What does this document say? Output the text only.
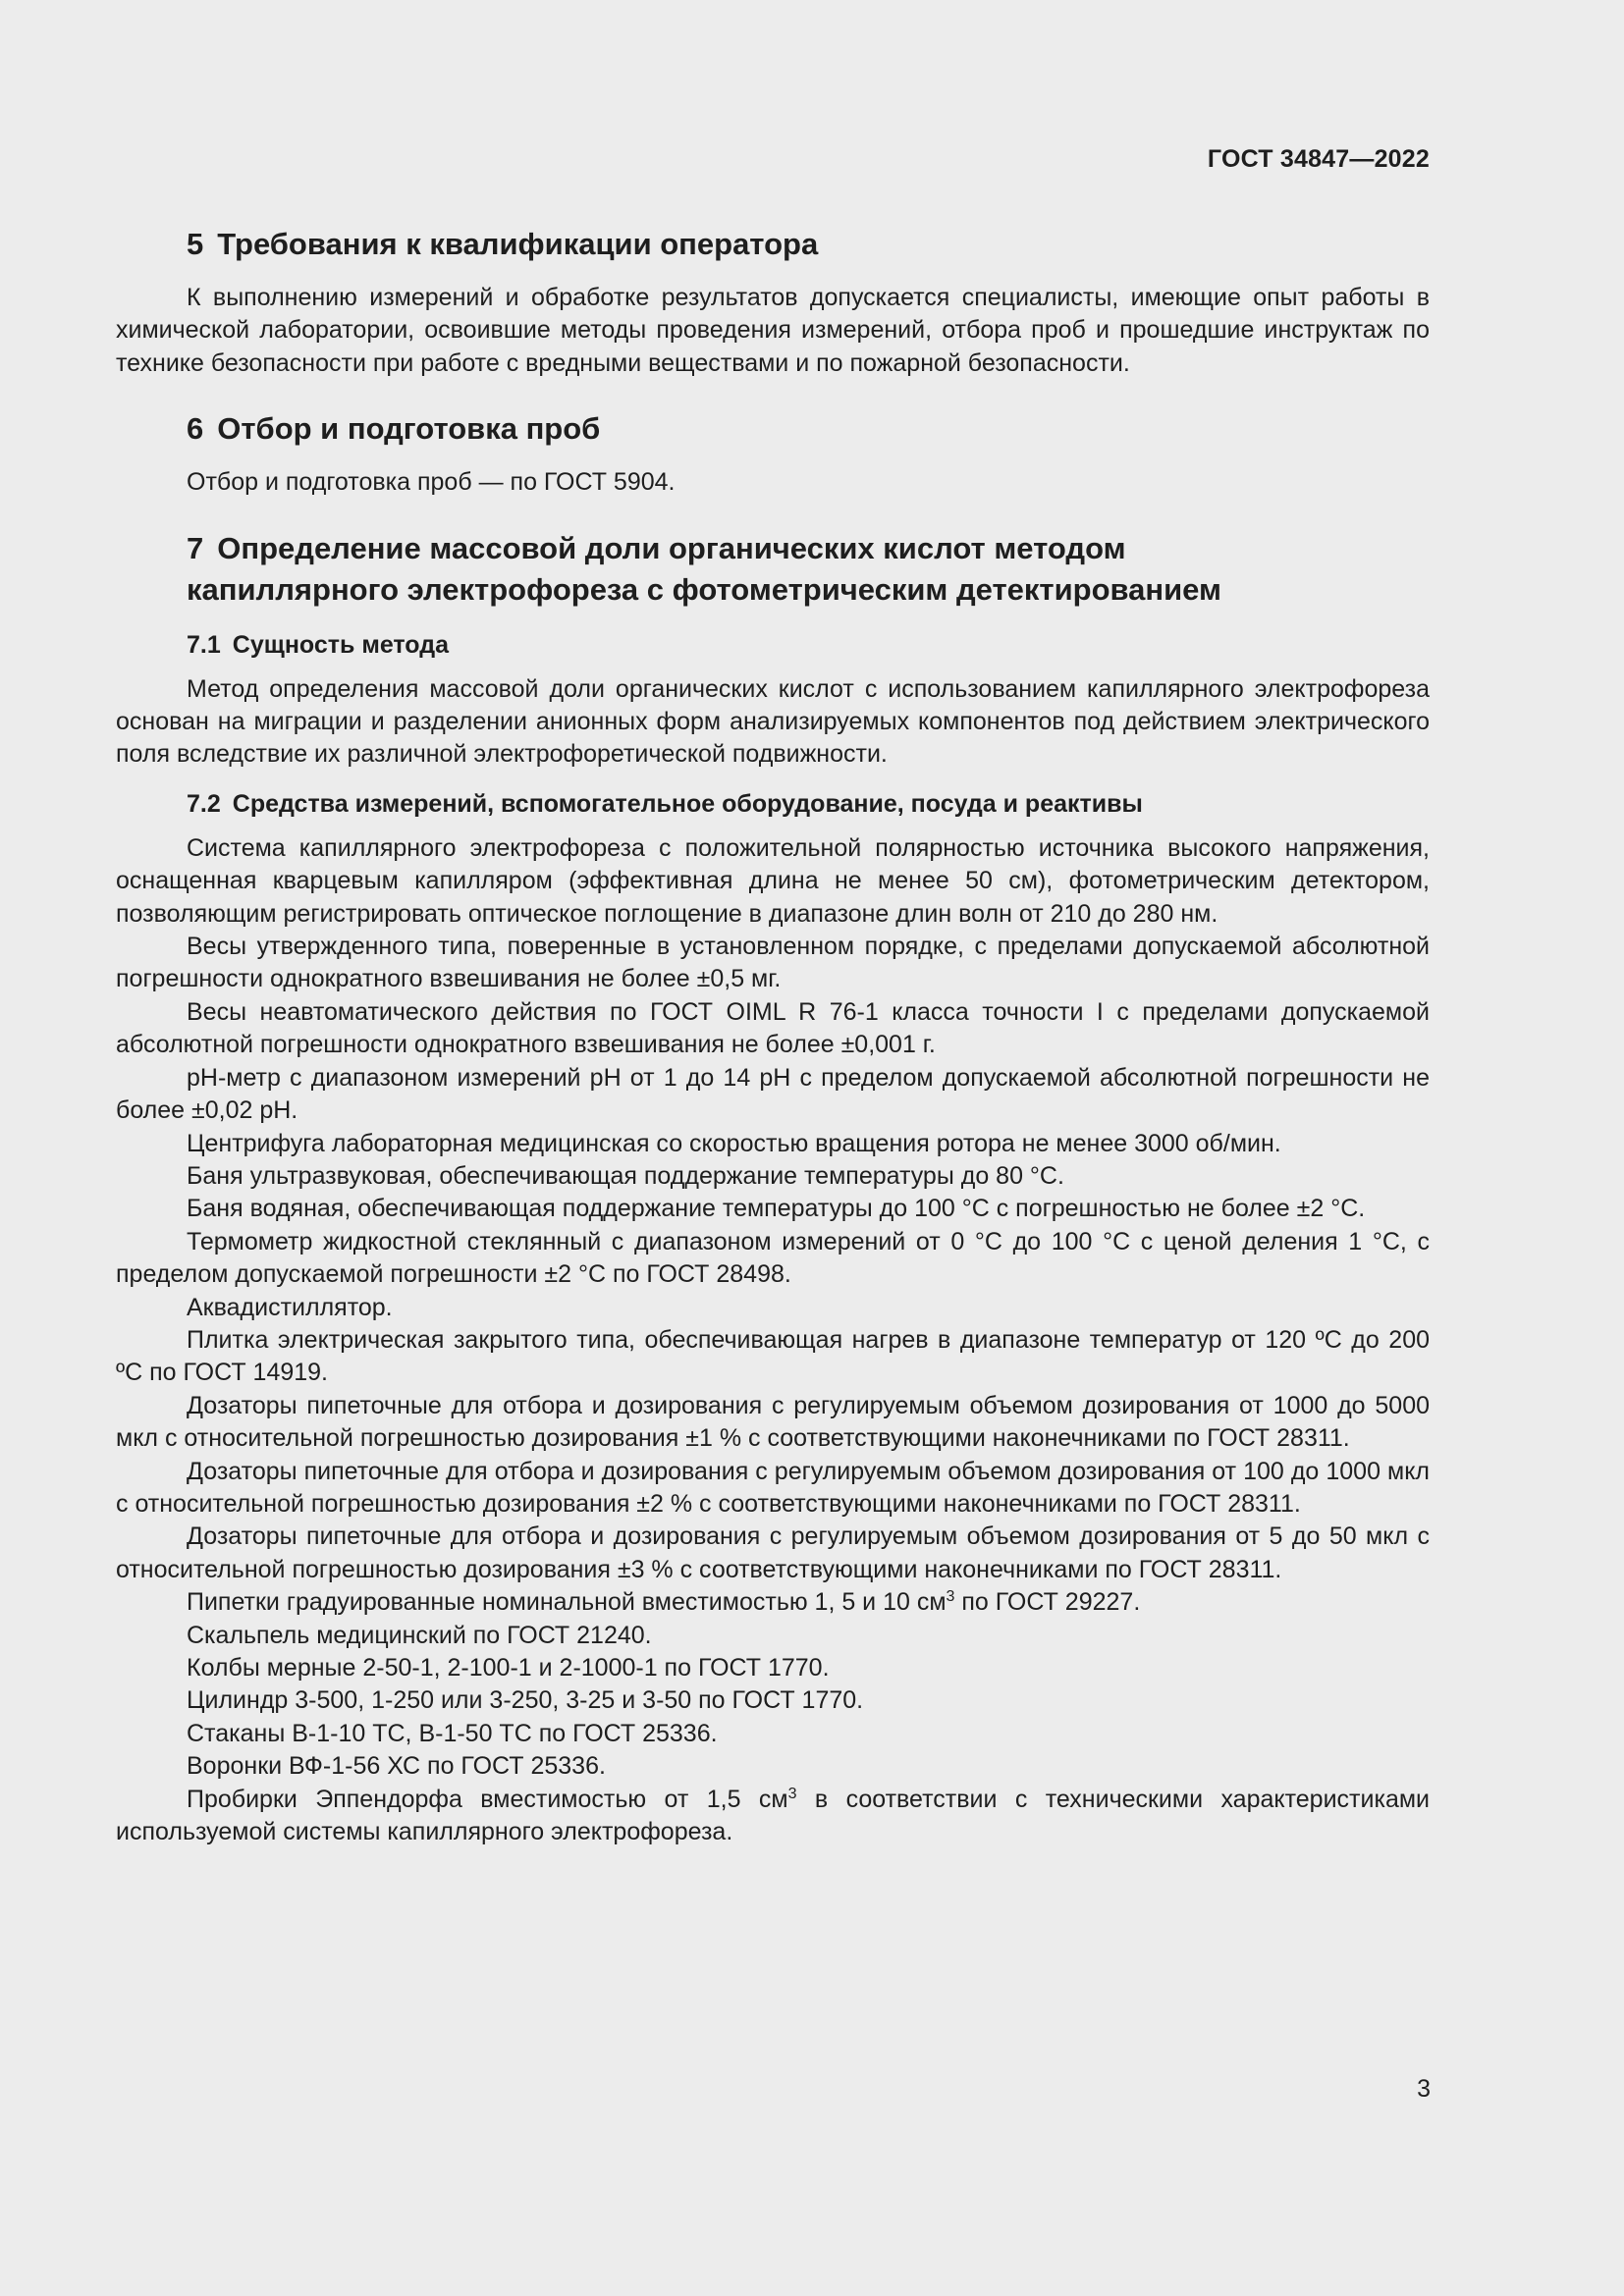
ГОСТ 34847—2022
5 Требования к квалификации оператора

К выполнению измерений и обработке результатов допускается специалисты, имеющие опыт работы в химической лаборатории, освоившие методы проведения измерений, отбора проб и прошедшие инструктаж по технике безопасности при работе с вредными веществами и по пожарной безопасности.

6 Отбор и подготовка проб

Отбор и подготовка проб — по ГОСТ 5904.

7 Определение массовой доли органических кислот методом
капиллярного электрофореза с фотометрическим детектированием
7.1 Сущность метода

Метод определения массовой доли органических кислот с использованием капиллярного электрофореза основан на миграции и разделении анионных форм анализируемых компонентов под действием электрического поля вследствие их различной электрофоретической подвижности.

7.2 Средства измерений, вспомогательное оборудование, посуда и реактивы

Система капиллярного электрофореза с положительной полярностью источника высокого напряжения, оснащенная кварцевым капилляром (эффективная длина не менее 50 см), фотометрическим детектором, позволяющим регистрировать оптическое поглощение в диапазоне длин волн от 210 до 280 нм.

Весы утвержденного типа, поверенные в установленном порядке, с пределами допускаемой абсолютной погрешности однократного взвешивания не более ±0,5 мг.

Весы неавтоматического действия по ГОСТ OIML R 76-1 класса точности I с пределами допускаемой абсолютной погрешности однократного взвешивания не более ±0,001 г.

рН-метр с диапазоном измерений pH от 1 до 14 pH с пределом допускаемой абсолютной погрешности не более ±0,02 pH.

Центрифуга лабораторная медицинская со скоростью вращения ротора не менее 3000 об/мин.

Баня ультразвуковая, обеспечивающая поддержание температуры до 80 °С.

Баня водяная, обеспечивающая поддержание температуры до 100 °С с погрешностью не более ±2 °С.

Термометр жидкостной стеклянный с диапазоном измерений от 0 °С до 100 °С с ценой деления 1 °С, с пределом допускаемой погрешности ±2 °С по ГОСТ 28498.

Аквадистиллятор.

Плитка электрическая закрытого типа, обеспечивающая нагрев в диапазоне температур от 120 ºС до 200 ºС по ГОСТ 14919.

Дозаторы пипеточные для отбора и дозирования с регулируемым объемом дозирования от 1000 до 5000 мкл с относительной погрешностью дозирования ±1 % с соответствующими наконечниками по ГОСТ 28311.

Дозаторы пипеточные для отбора и дозирования с регулируемым объемом дозирования от 100 до 1000 мкл с относительной погрешностью дозирования ±2 % с соответствующими наконечниками по ГОСТ 28311.

Дозаторы пипеточные для отбора и дозирования с регулируемым объемом дозирования от 5 до 50 мкл с относительной погрешностью дозирования ±3 % с соответствующими наконечниками по ГОСТ 28311.

Пипетки градуированные номинальной вместимостью 1, 5 и 10 $см^3$ по ГОСТ 29227.

Скальпель медицинский по ГОСТ 21240.

Колбы мерные 2-50-1, 2-100-1 и 2-1000-1 по ГОСТ 1770.

Цилиндр 3-500, 1-250 или 3-250, 3-25 и 3-50 по ГОСТ 1770.

Стаканы В-1-10 ТС, В-1-50 ТС по ГОСТ 25336.

Воронки ВФ-1-56 ХС по ГОСТ 25336.

Пробирки Эппендорфа вместимостью от 1,5 $см^3$ в соответствии с техническими характеристиками используемой системы капиллярного электрофореза.

3
